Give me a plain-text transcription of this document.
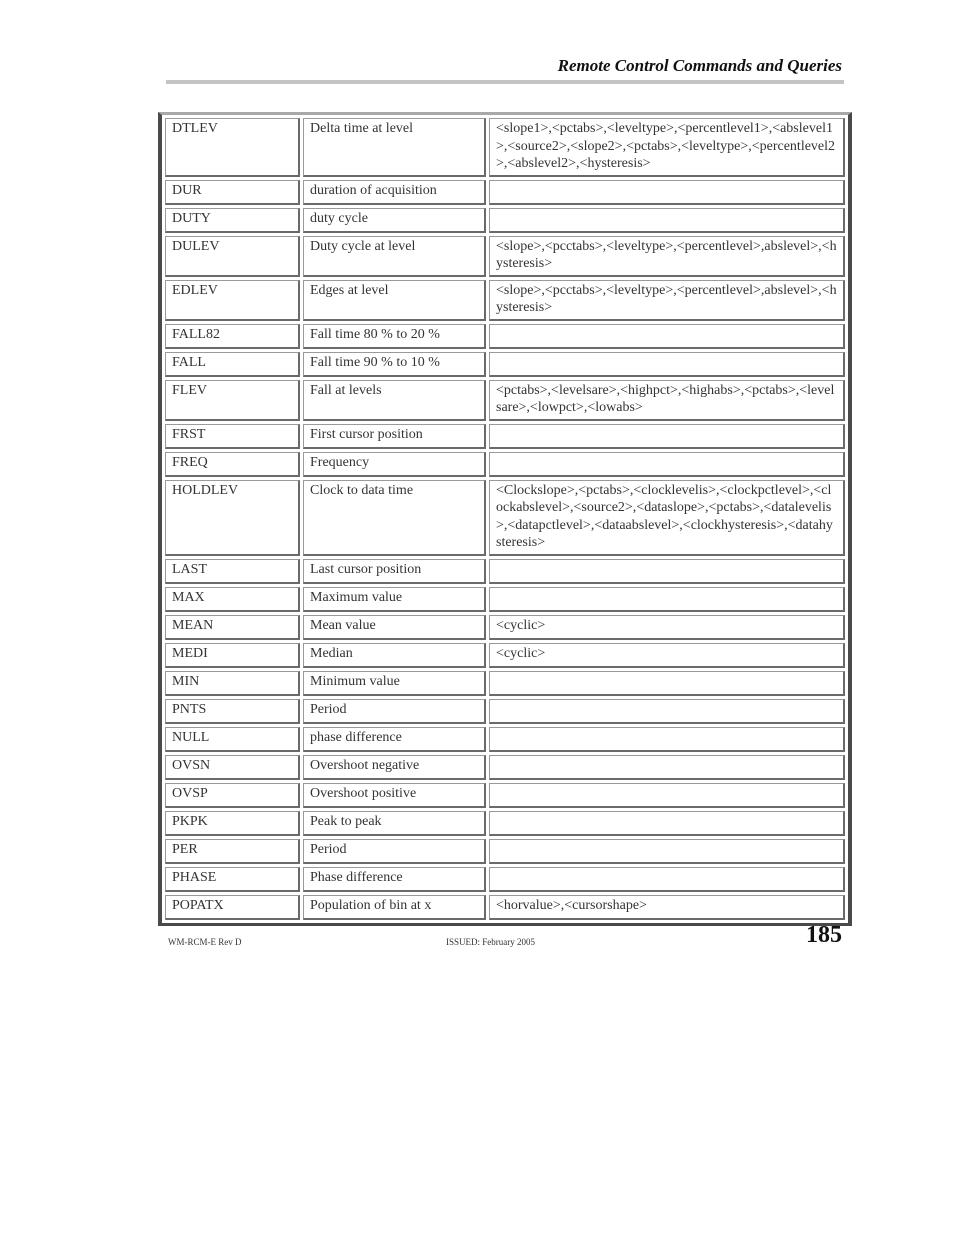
Remote Control Commands and Queries
DTLEV	Delta time at level	<slope1>,<pctabs>,<leveltype>,<percentlevel1>,<abslevel1>,<source2>,<slope2>,<pctabs>,<leveltype>,<percentlevel2>,<abslevel2>,<hysteresis>
DUR	duration of acquisition	
DUTY	duty cycle	
DULEV	Duty cycle at level	<slope>,<pcctabs>,<leveltype>,<percentlevel>,abslevel>,<hysteresis>
EDLEV	Edges at level	<slope>,<pcctabs>,<leveltype>,<percentlevel>,abslevel>,<hysteresis>
FALL82	Fall time 80 % to 20 %	
FALL	Fall time 90 % to 10 %	
FLEV	Fall at levels	<pctabs>,<levelsare>,<highpct>,<highabs>,<pctabs>,<levelsare>,<lowpct>,<lowabs>
FRST	First cursor position	
FREQ	Frequency	
HOLDLEV	Clock to data time	<Clockslope>,<pctabs>,<clocklevelis>,<clockpctlevel>,<clockabslevel>,<source2>,<dataslope>,<pctabs>,<datalevelis>,<datapctlevel>,<dataabslevel>,<clockhysteresis>,<datahysteresis>
LAST	Last cursor position	
MAX	Maximum value	
MEAN	Mean value	<cyclic>
MEDI	Median	<cyclic>
MIN	Minimum value	
PNTS	Period	
NULL	phase difference	
OVSN	Overshoot negative	
OVSP	Overshoot positive	
PKPK	Peak to peak	
PER	Period	
PHASE	Phase difference	
POPATX	Population of bin at x	<horvalue>,<cursorshape>
WM-RCM-E Rev D	ISSUED: February 2005	185
